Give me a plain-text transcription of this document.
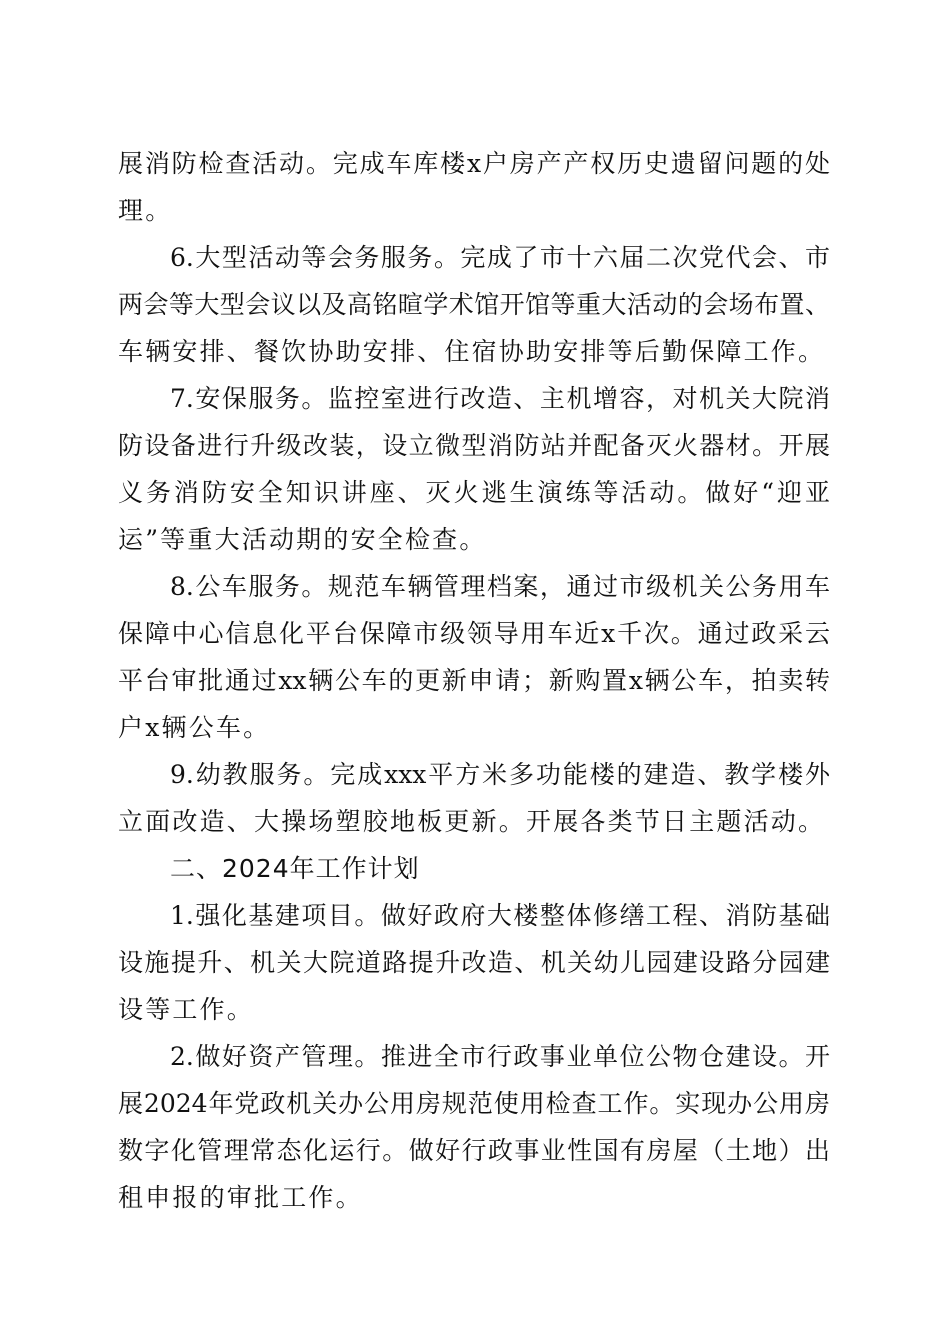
展消防检查活动。完成车库楼x户房产产权历史遗留问题的处
理。
6.大型活动等会务服务。完成了市十六届二次党代会、市
两会等大型会议以及高铭暄学术馆开馆等重大活动的会场布置、
车辆安排、餐饮协助安排、住宿协助安排等后勤保障工作。
7.安保服务。监控室进行改造、主机增容，对机关大院消
防设备进行升级改装，设立微型消防站并配备灭火器材。开展
义务消防安全知识讲座、灭火逃生演练等活动。做好“迎亚
运”等重大活动期的安全检查。
8.公车服务。规范车辆管理档案，通过市级机关公务用车
保障中心信息化平台保障市级领导用车近x千次。通过政采云
平台审批通过xx辆公车的更新申请；新购置x辆公车，拍卖转
户x辆公车。
9.幼教服务。完成xxx平方米多功能楼的建造、教学楼外
立面改造、大操场塑胶地板更新。开展各类节日主题活动。
二、2024年工作计划
1.强化基建项目。做好政府大楼整体修缮工程、消防基础
设施提升、机关大院道路提升改造、机关幼儿园建设路分园建
设等工作。
2.做好资产管理。推进全市行政事业单位公物仓建设。开
展2024年党政机关办公用房规范使用检查工作。实现办公用房
数字化管理常态化运行。做好行政事业性国有房屋（土地）出
租申报的审批工作。
